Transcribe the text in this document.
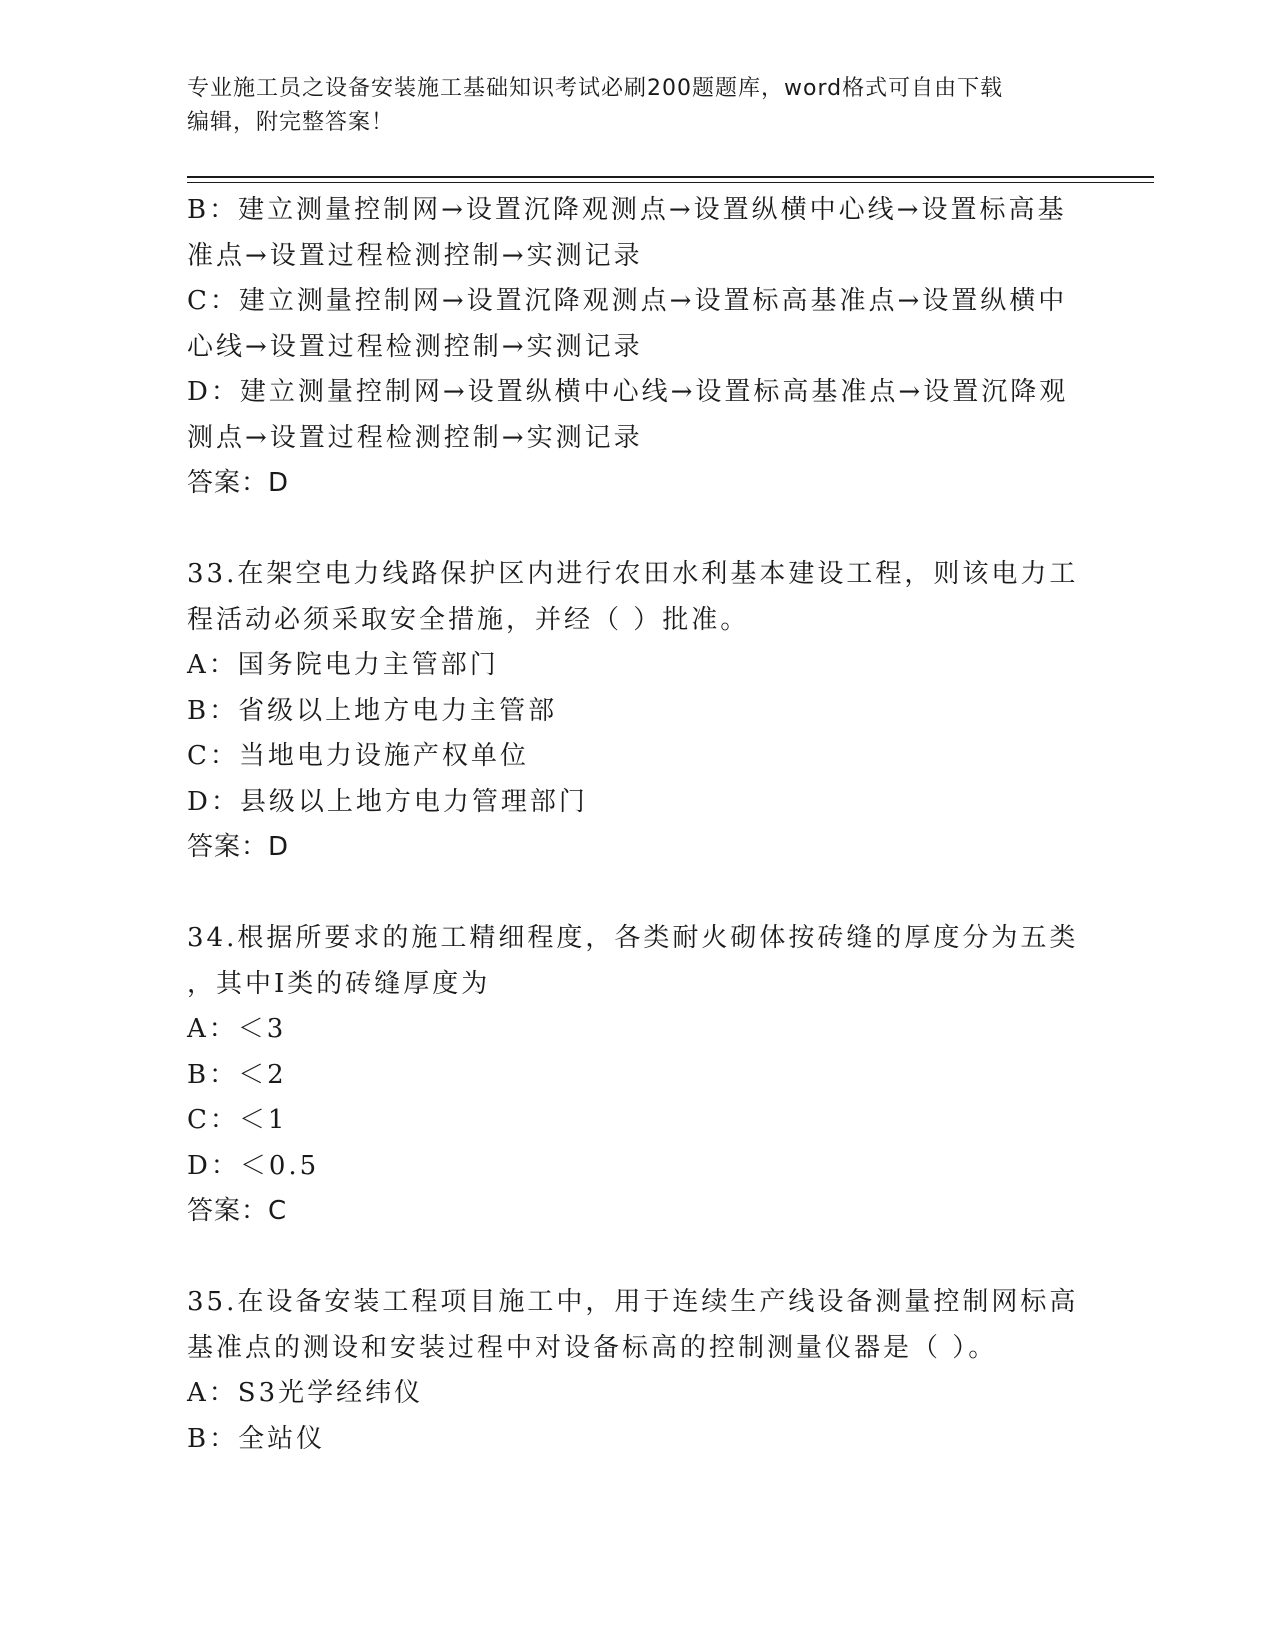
专业施工员之设备安装施工基础知识考试必刷200题题库，word格式可自由下载
编辑，附完整答案！
B：建立测量控制网→设置沉降观测点→设置纵横中心线→设置标高基
准点→设置过程检测控制→实测记录
C：建立测量控制网→设置沉降观测点→设置标高基准点→设置纵横中
心线→设置过程检测控制→实测记录
D：建立测量控制网→设置纵横中心线→设置标高基准点→设置沉降观
测点→设置过程检测控制→实测记录
答案：D
33.在架空电力线路保护区内进行农田水利基本建设工程，则该电力工
程活动必须采取安全措施，并经（ ）批准。
A：国务院电力主管部门
B：省级以上地方电力主管部
C：当地电力设施产权单位
D：县级以上地方电力管理部门
答案：D
34.根据所要求的施工精细程度，各类耐火砌体按砖缝的厚度分为五类
，其中Ⅰ类的砖缝厚度为
A：＜3
B：＜2
C：＜1
D：＜0.5
答案：C
35.在设备安装工程项目施工中，用于连续生产线设备测量控制网标高
基准点的测设和安装过程中对设备标高的控制测量仪器是（ ）。
A：S3光学经纬仪
B：全站仪
